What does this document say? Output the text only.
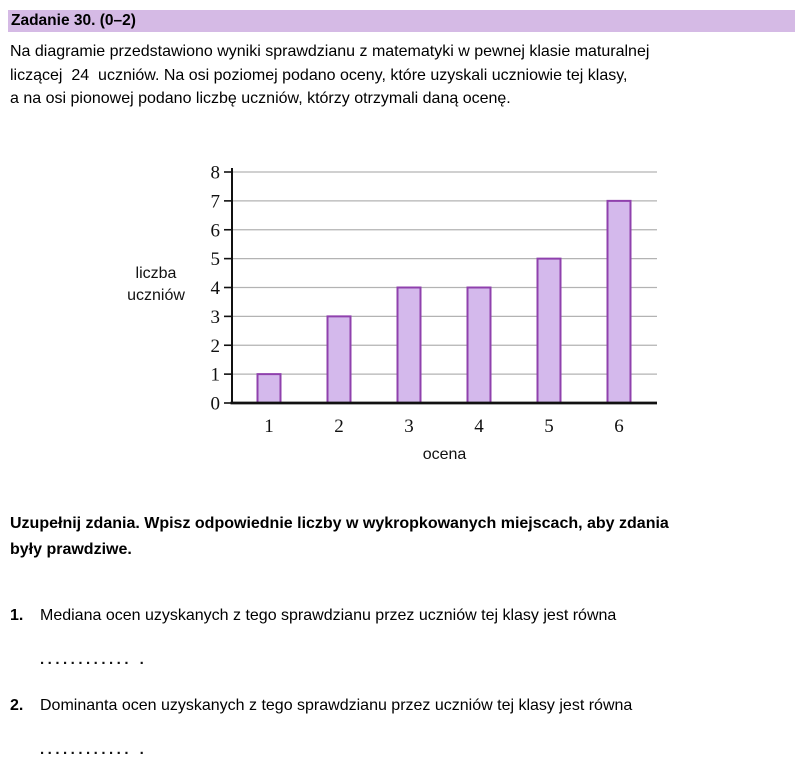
Zadanie 30. (0–2)
Na diagramie przedstawiono wyniki sprawdzianu z matematyki w pewnej klasie maturalnej
liczącej  24  uczniów. Na osi poziomej podano oceny, które uzyskali uczniowie tej klasy,
a na osi pionowej podano liczbę uczniów, którzy otrzymali daną ocenę.
0
1
2
3
4
5
6
7
8
1	2	3	4	5	6
ocena
liczba
uczniów
Uzupełnij zdania. Wpisz odpowiednie liczby w wykropkowanych miejscach, aby zdania
były prawdziwe.
1.	Mediana ocen uzyskanych z tego sprawdzianu przez uczniów tej klasy jest równa
............ .
2.	Dominanta ocen uzyskanych z tego sprawdzianu przez uczniów tej klasy jest równa
............ .
